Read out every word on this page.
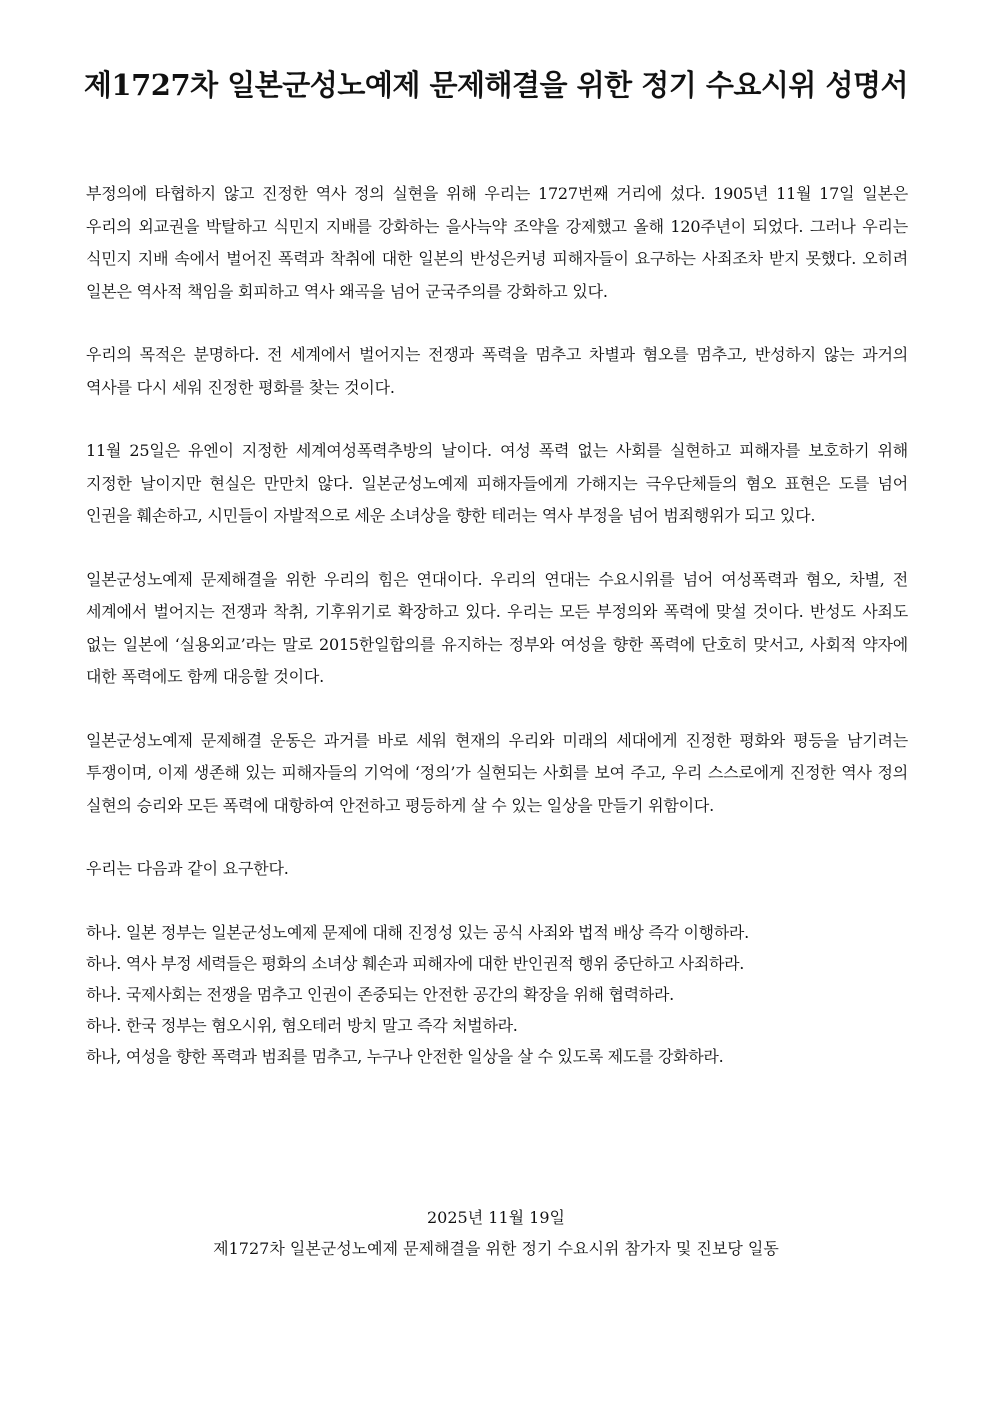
제1727차 일본군성노예제 문제해결을 위한 정기 수요시위 성명서

부정의에 타협하지 않고 진정한 역사 정의 실현을 위해 우리는 1727번째 거리에 섰다. 1905년 11월 17일 일본은 우리의 외교권을 박탈하고 식민지 지배를 강화하는 을사늑약 조약을 강제했고 올해 120주년이 되었다. 그러나 우리는 식민지 지배 속에서 벌어진 폭력과 착취에 대한 일본의 반성은커녕 피해자들이 요구하는 사죄조차 받지 못했다. 오히려 일본은 역사적 책임을 회피하고 역사 왜곡을 넘어 군국주의를 강화하고 있다.

우리의 목적은 분명하다. 전 세계에서 벌어지는 전쟁과 폭력을 멈추고 차별과 혐오를 멈추고, 반성하지 않는 과거의 역사를 다시 세워 진정한 평화를 찾는 것이다.

11월 25일은 유엔이 지정한 세계여성폭력추방의 날이다. 여성 폭력 없는 사회를 실현하고 피해자를 보호하기 위해 지정한 날이지만 현실은 만만치 않다. 일본군성노예제 피해자들에게 가해지는 극우단체들의 혐오 표현은 도를 넘어 인권을 훼손하고, 시민들이 자발적으로 세운 소녀상을 향한 테러는 역사 부정을 넘어 범죄행위가 되고 있다.

일본군성노예제 문제해결을 위한 우리의 힘은 연대이다. 우리의 연대는 수요시위를 넘어 여성폭력과 혐오, 차별, 전 세계에서 벌어지는 전쟁과 착취, 기후위기로 확장하고 있다. 우리는 모든 부정의와 폭력에 맞설 것이다. 반성도 사죄도 없는 일본에 ‘실용외교’라는 말로 2015한일합의를 유지하는 정부와 여성을 향한 폭력에 단호히 맞서고, 사회적 약자에 대한 폭력에도 함께 대응할 것이다.

일본군성노예제 문제해결 운동은 과거를 바로 세워 현재의 우리와 미래의 세대에게 진정한 평화와 평등을 남기려는 투쟁이며, 이제 생존해 있는 피해자들의 기억에 ‘정의’가 실현되는 사회를 보여 주고, 우리 스스로에게 진정한 역사 정의 실현의 승리와 모든 폭력에 대항하여 안전하고 평등하게 살 수 있는 일상을 만들기 위함이다.

우리는 다음과 같이 요구한다.

하나. 일본 정부는 일본군성노예제 문제에 대해 진정성 있는 공식 사죄와 법적 배상 즉각 이행하라.
하나. 역사 부정 세력들은 평화의 소녀상 훼손과 피해자에 대한 반인권적 행위 중단하고 사죄하라.
하나. 국제사회는 전쟁을 멈추고 인권이 존중되는 안전한 공간의 확장을 위해 협력하라.
하나. 한국 정부는 혐오시위, 혐오테러 방치 말고 즉각 처벌하라.
하나, 여성을 향한 폭력과 범죄를 멈추고, 누구나 안전한 일상을 살 수 있도록 제도를 강화하라.
2025년 11월 19일
제1727차 일본군성노예제 문제해결을 위한 정기 수요시위 참가자 및 진보당 일동
